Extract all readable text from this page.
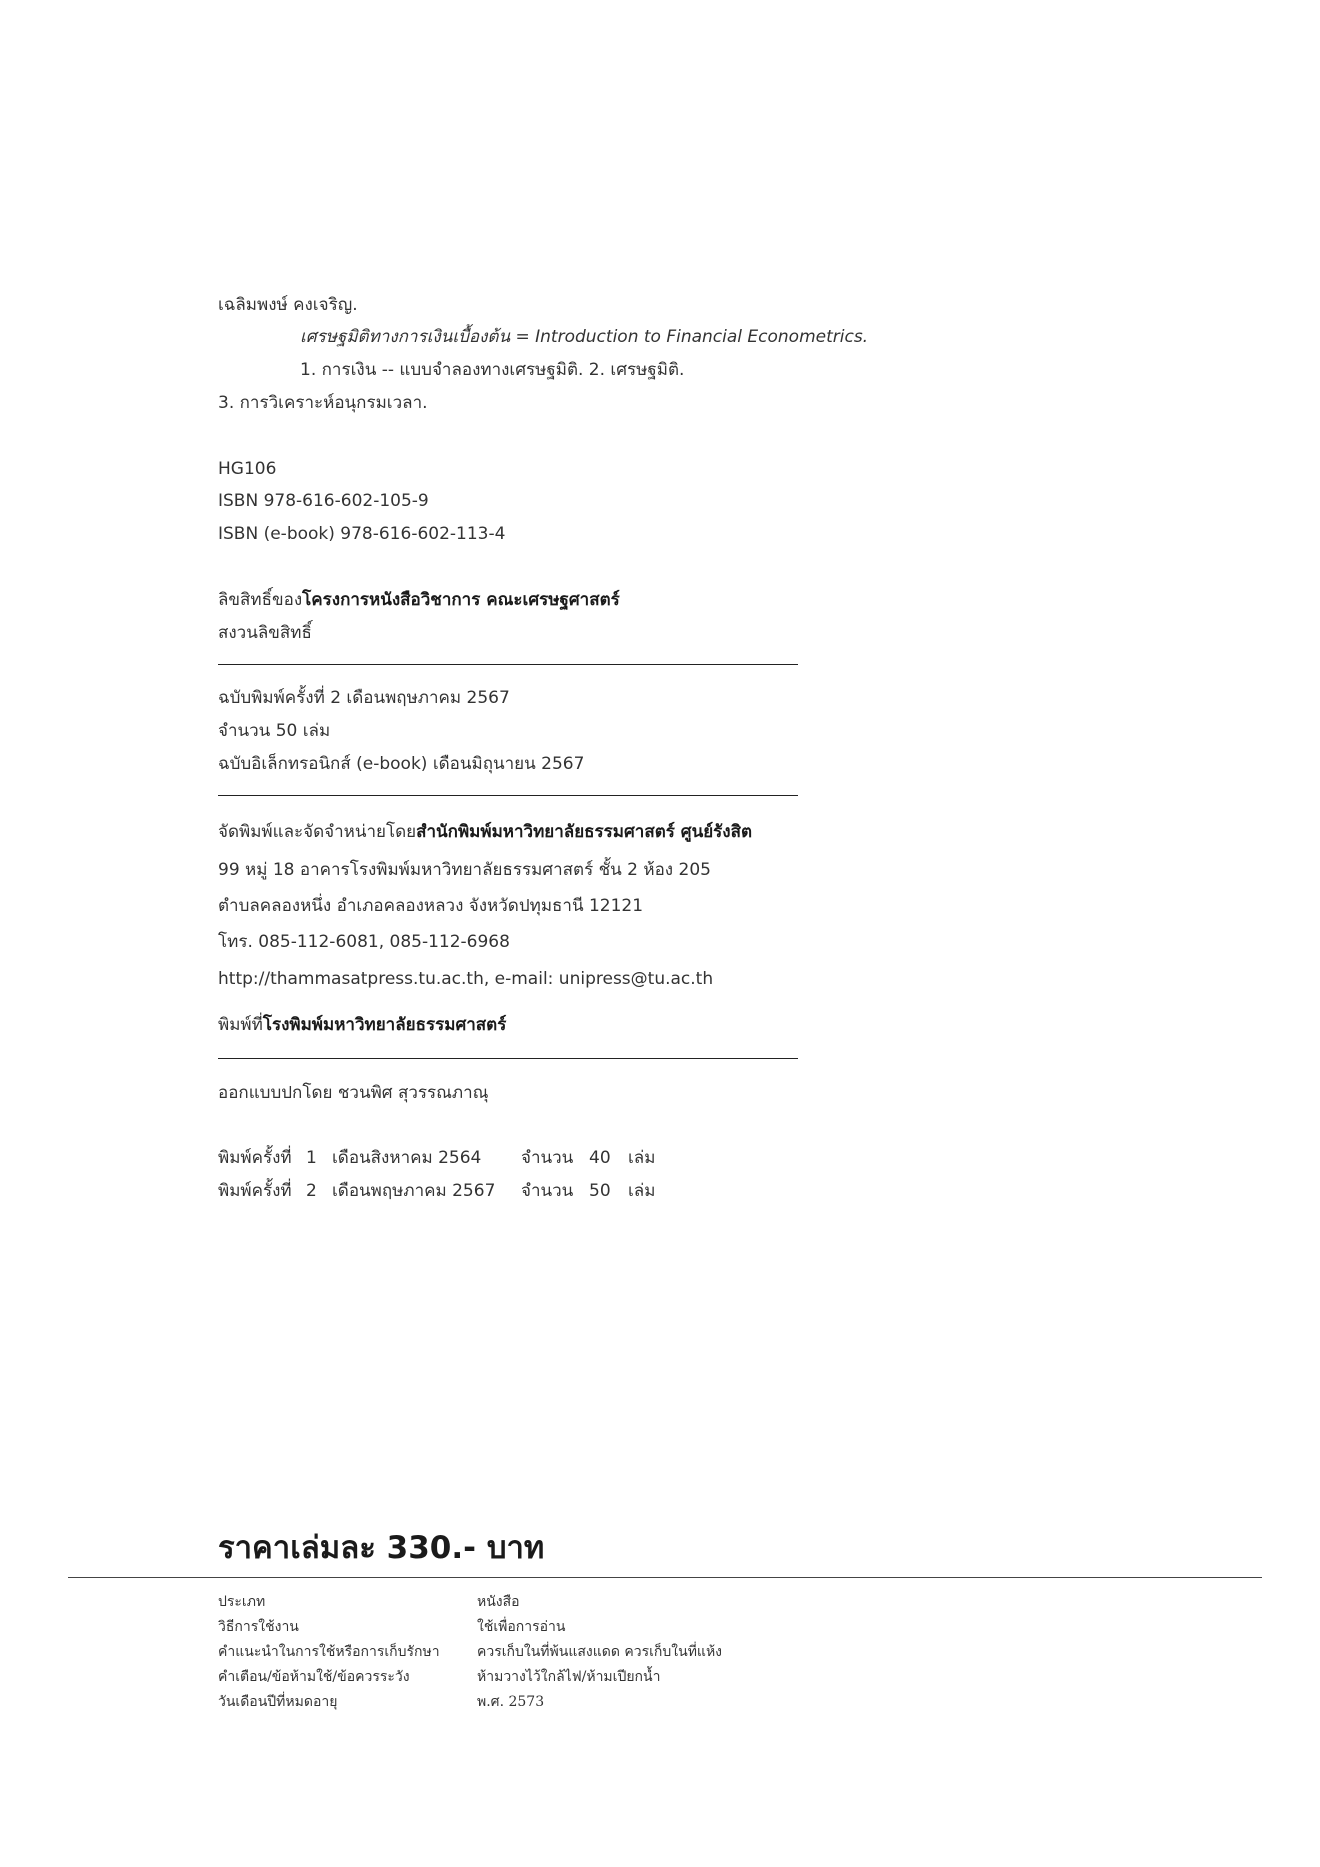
เฉลิมพงษ์ คงเจริญ.
เศรษฐมิติทางการเงินเบื้องต้น = Introduction to Financial Econometrics.
1. การเงิน -- แบบจำลองทางเศรษฐมิติ. 2. เศรษฐมิติ.
3. การวิเคราะห์อนุกรมเวลา.
HG106
ISBN 978-616-602-105-9
ISBN (e-book) 978-616-602-113-4
ลิขสิทธิ์ของโครงการหนังสือวิชาการ คณะเศรษฐศาสตร์
สงวนลิขสิทธิ์
ฉบับพิมพ์ครั้งที่ 2 เดือนพฤษภาคม 2567
จำนวน 50 เล่ม
ฉบับอิเล็กทรอนิกส์ (e-book) เดือนมิถุนายน 2567
จัดพิมพ์และจัดจำหน่ายโดยสำนักพิมพ์มหาวิทยาลัยธรรมศาสตร์ ศูนย์รังสิต
99 หมู่ 18 อาคารโรงพิมพ์มหาวิทยาลัยธรรมศาสตร์ ชั้น 2 ห้อง 205
ตำบลคลองหนึ่ง อำเภอคลองหลวง จังหวัดปทุมธานี 12121
โทร. 085-112-6081, 085-112-6968
http://thammasatpress.tu.ac.th, e-mail: unipress@tu.ac.th
พิมพ์ที่โรงพิมพ์มหาวิทยาลัยธรรมศาสตร์
ออกแบบปกโดย ชวนพิศ สุวรรณภาณุ
พิมพ์ครั้งที่ 1 เดือนสิงหาคม 2564 จำนวน 40 เล่ม
พิมพ์ครั้งที่ 2 เดือนพฤษภาคม 2567 จำนวน 50 เล่ม
ราคาเล่มละ 330.- บาท
ประเภท	หนังสือ
วิธีการใช้งาน	ใช้เพื่อการอ่าน
คำแนะนำในการใช้หรือการเก็บรักษา	ควรเก็บในที่พ้นแสงแดด ควรเก็บในที่แห้ง
คำเตือน/ข้อห้ามใช้/ข้อควรระวัง	ห้ามวางไว้ใกล้ไฟ/ห้ามเปียกน้ำ
วันเดือนปีที่หมดอายุ	พ.ศ. 2573
